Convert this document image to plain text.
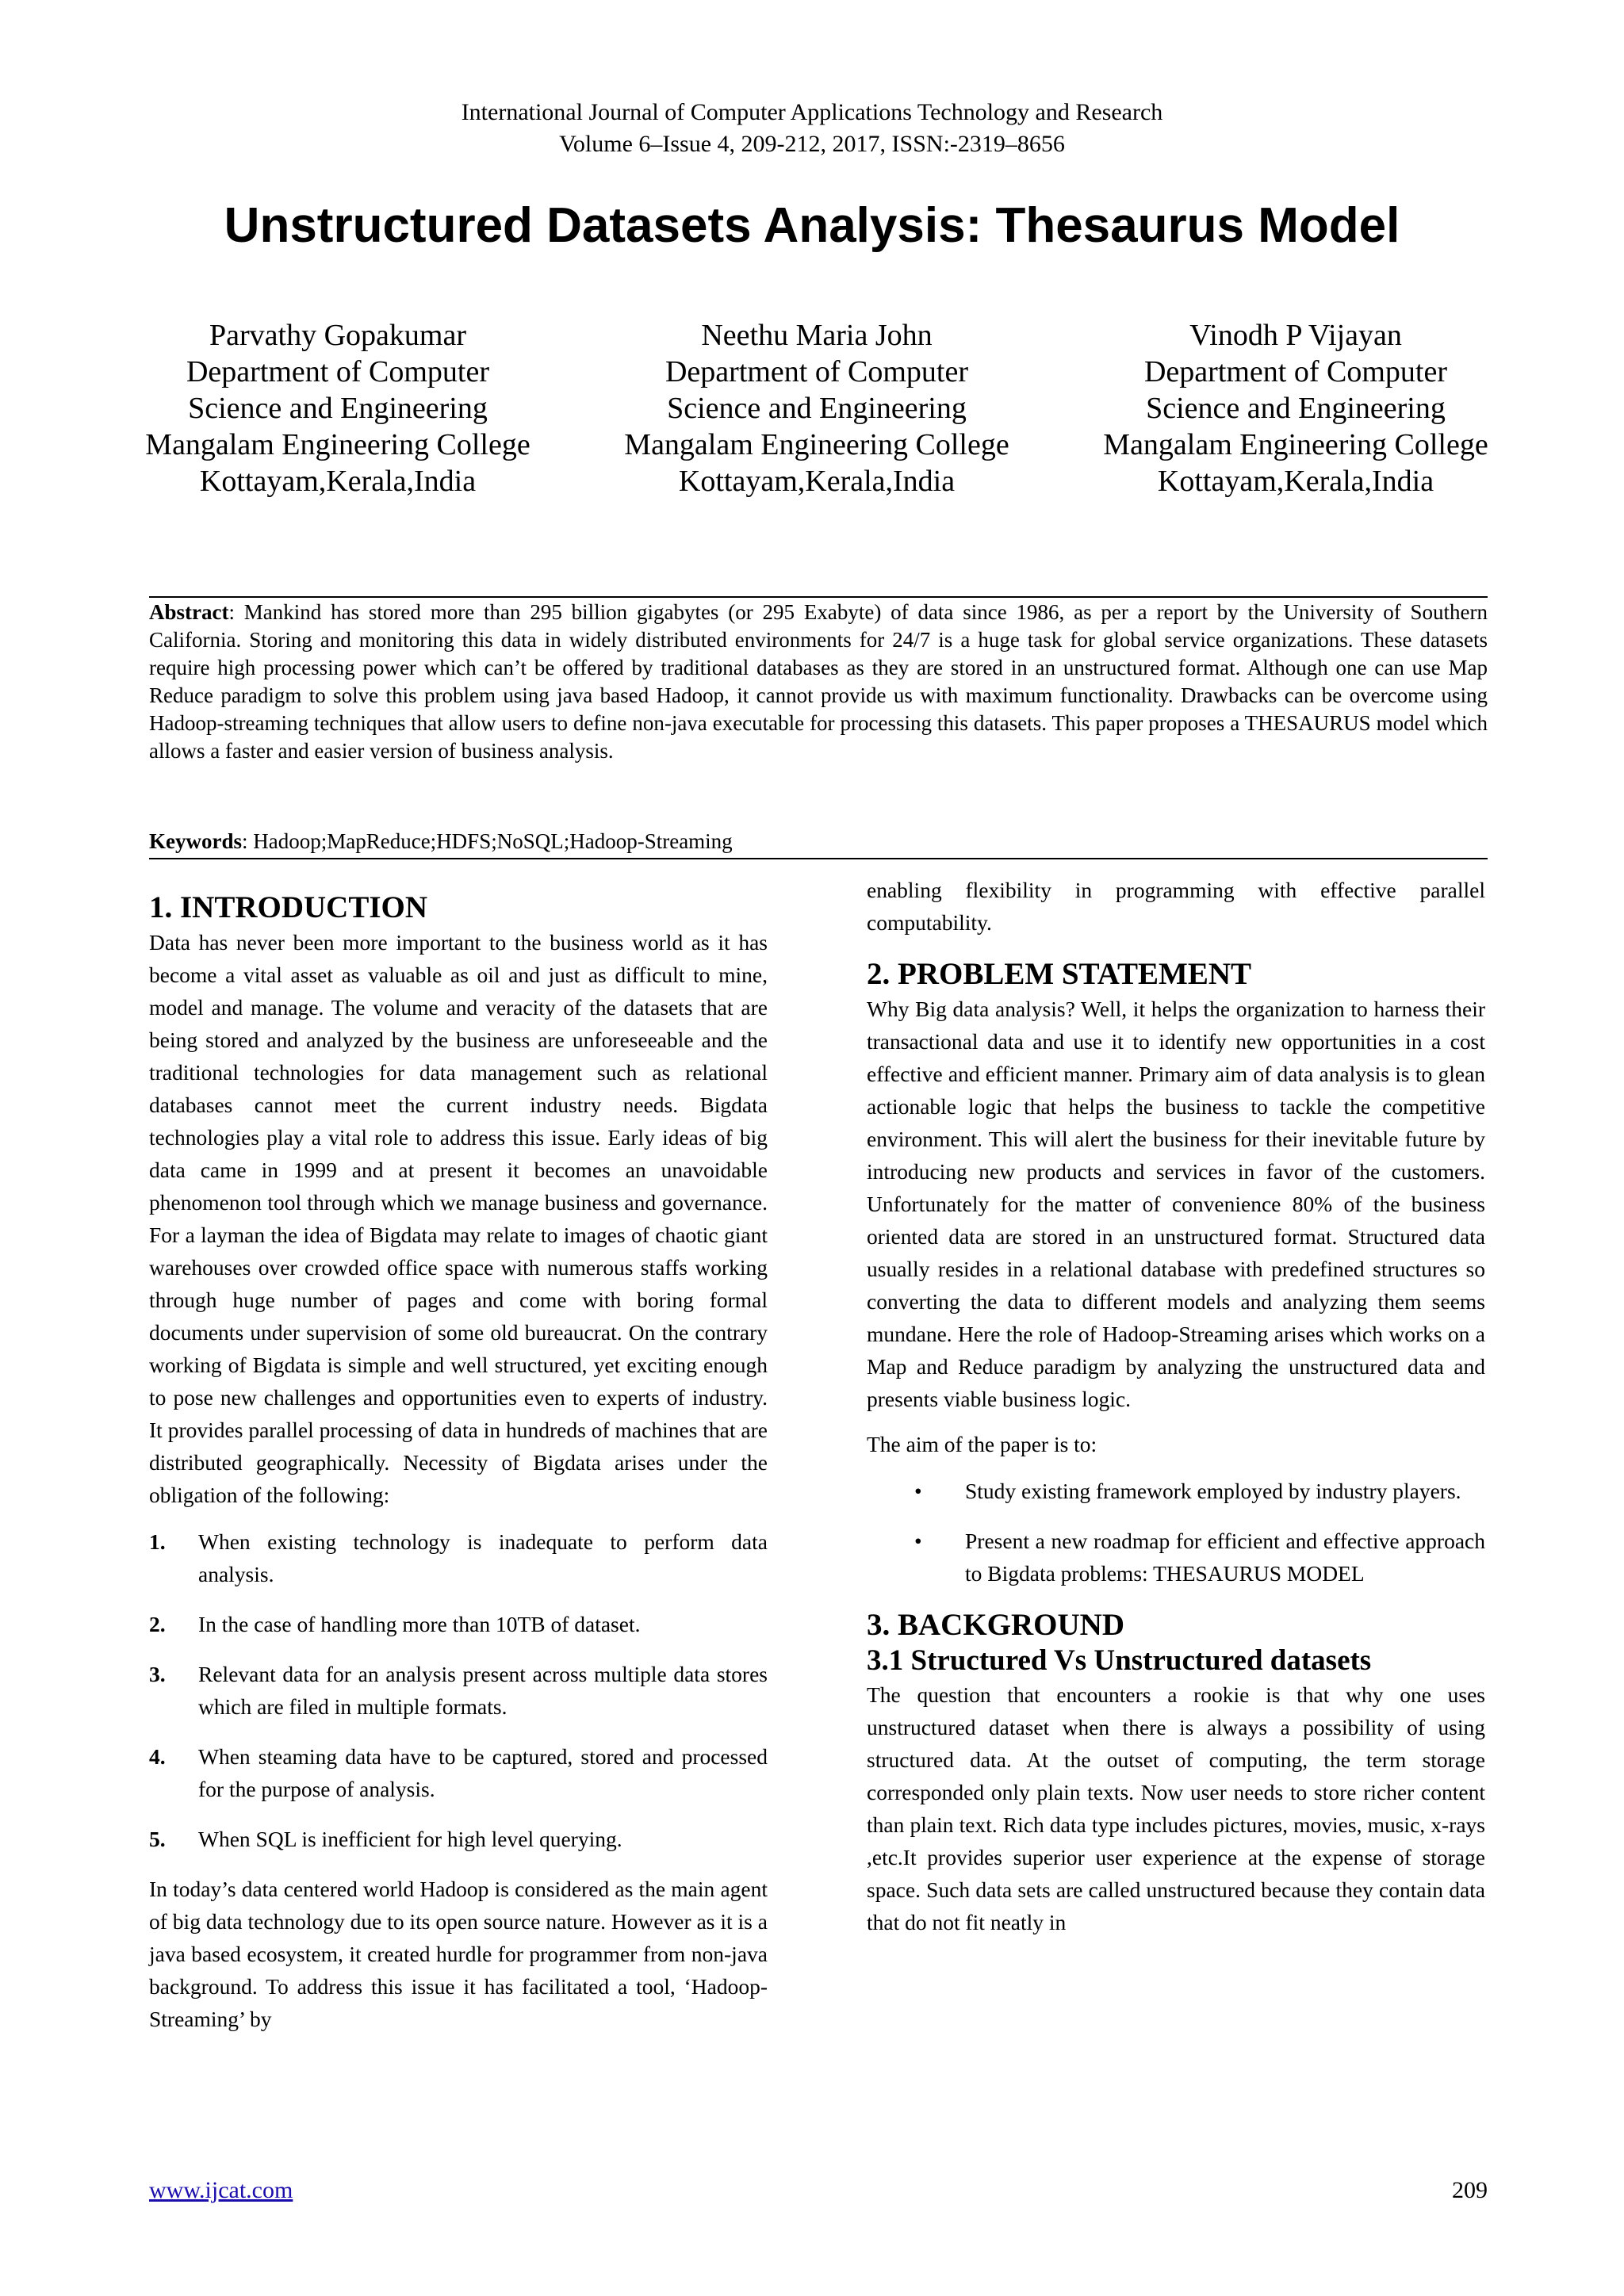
International Journal of Computer Applications Technology and Research
Volume 6–Issue 4, 209-212, 2017, ISSN:-2319–8656
Unstructured Datasets Analysis: Thesaurus Model
Parvathy Gopakumar
Department of Computer
Science and Engineering
Mangalam Engineering College
Kottayam,Kerala,India
Neethu Maria John
Department of Computer
Science and Engineering
Mangalam Engineering College
Kottayam,Kerala,India
Vinodh P Vijayan
Department of Computer
Science and Engineering
Mangalam Engineering College
Kottayam,Kerala,India
Abstract: Mankind has stored more than 295 billion gigabytes (or 295 Exabyte) of data since 1986, as per a report by the University of Southern California. Storing and monitoring this data in widely distributed environments for 24/7 is a huge task for global service organizations. These datasets require high processing power which can’t be offered by traditional databases as they are stored in an unstructured format. Although one can use Map Reduce paradigm to solve this problem using java based Hadoop, it cannot provide us with maximum functionality. Drawbacks can be overcome using Hadoop-streaming techniques that allow users to define non-java executable for processing this datasets. This paper proposes a THESAURUS model which allows a faster and easier version of business analysis.
Keywords: Hadoop;MapReduce;HDFS;NoSQL;Hadoop-Streaming
1. INTRODUCTION

Data has never been more important to the business world as it has become a vital asset as valuable as oil and just as difficult to mine, model and manage. The volume and veracity of the datasets that are being stored and analyzed by the business are unforeseeable and the traditional technologies for data management such as relational databases cannot meet the current industry needs. Bigdata technologies play a vital role to address this issue. Early ideas of big data came in 1999 and at present it becomes an unavoidable phenomenon tool through which we manage business and governance. For a layman the idea of Bigdata may relate to images of chaotic giant warehouses over crowded office space with numerous staffs working through huge number of pages and come with boring formal documents under supervision of some old bureaucrat. On the contrary working of Bigdata is simple and well structured, yet exciting enough to pose new challenges and opportunities even to experts of industry. It provides parallel processing of data in hundreds of machines that are distributed geographically. Necessity of Bigdata arises under the obligation of the following:

1.	When existing technology is inadequate to perform data analysis.
2.	In the case of handling more than 10TB of dataset.
3.	Relevant data for an analysis present across multiple data stores which are filed in multiple formats.
4.	When steaming data have to be captured, stored and processed for the purpose of analysis.
5.	When SQL is inefficient for high level querying.

In today’s data centered world Hadoop is considered as the main agent of big data technology due to its open source nature. However as it is a java based ecosystem, it created hurdle for programmer from non-java background. To address this issue it has facilitated a tool, ‘Hadoop-Streaming’ by

enabling flexibility in programming with effective parallel computability.

2. PROBLEM STATEMENT

Why Big data analysis? Well, it helps the organization to harness their transactional data and use it to identify new opportunities in a cost effective and efficient manner. Primary aim of data analysis is to glean actionable logic that helps the business to tackle the competitive environment. This will alert the business for their inevitable future by introducing new products and services in favor of the customers. Unfortunately for the matter of convenience 80% of the business oriented data are stored in an unstructured format. Structured data usually resides in a relational database with predefined structures so converting the data to different models and analyzing them seems mundane. Here the role of Hadoop-Streaming arises which works on a Map and Reduce paradigm by analyzing the unstructured data and presents viable business logic.

The aim of the paper is to:

• Study existing framework employed by industry players.
• Present a new roadmap for efficient and effective approach to Bigdata problems: THESAURUS MODEL
3. BACKGROUND
3.1 Structured Vs Unstructured datasets

The question that encounters a rookie is that why one uses unstructured dataset when there is always a possibility of using structured data. At the outset of computing, the term storage corresponded only plain texts. Now user needs to store richer content than plain text. Rich data type includes pictures, movies, music, x-rays ,etc.It provides superior user experience at the expense of storage space. Such data sets are called unstructured because they contain data that do not fit neatly in

www.ijcat.com	209
